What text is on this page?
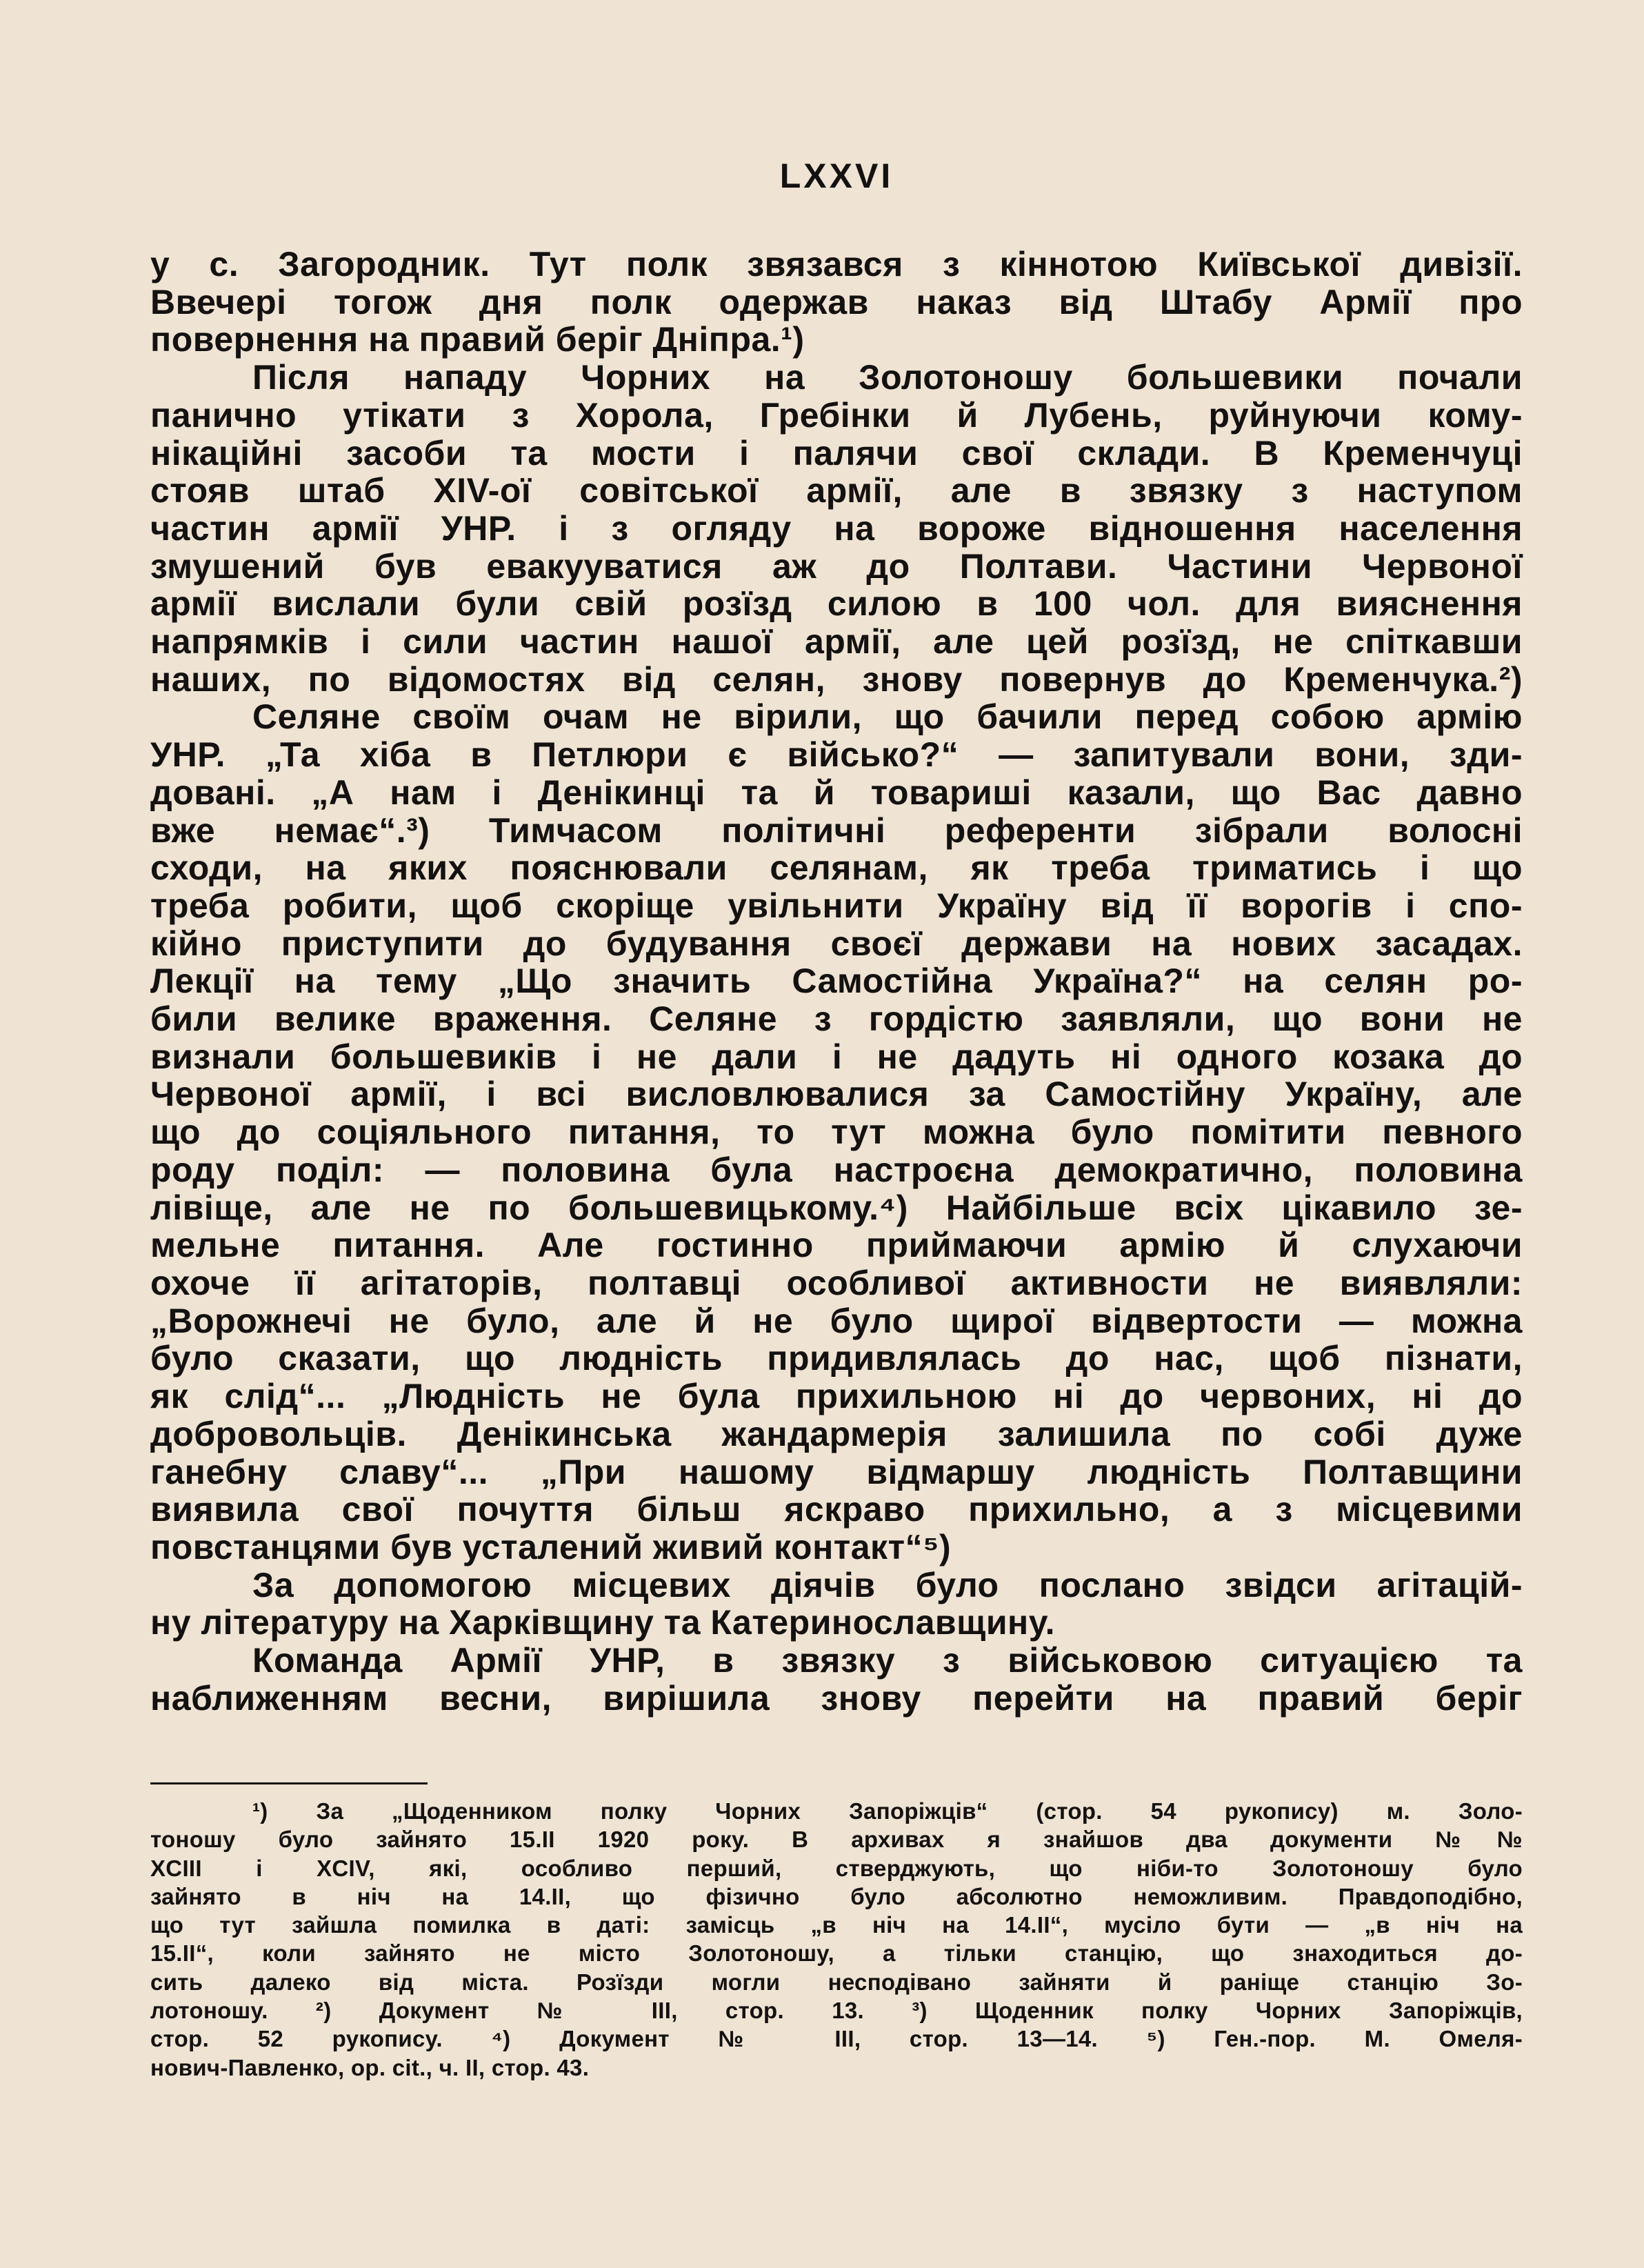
LXXVI

у с. Загородник. Тут полк звязався з кіннотою Київської дивізії.

Ввечері тогож дня полк одержав наказ від Штабу Армії про

повернення на правий беріг Дніпра.¹)

Після нападу Чорних на Золотоношу большевики почали

панично утікати з Хорола, Гребінки й Лубень, руйнуючи кому-

нікаційні засоби та мости і палячи свої склади. В Кременчуці

стояв штаб XIV-ої совітської армії, але в звязку з наступом

частин армії УНР. і з огляду на вороже відношення населення

змушений був евакууватися аж до Полтави. Частини Червоної

армії вислали були свій розїзд силою в 100 чол. для вияснення

напрямків і сили частин нашої армії, але цей розїзд, не спіткавши

наших, по відомостях від селян, знову повернув до Кременчука.²)

Селяне своїм очам не вірили, що бачили перед собою армію

УНР. „Та хіба в Петлюри є військо?“ — запитували вони, зди-

довані. „А нам і Денікинці та й товариші казали, що Вас давно

вже немає“.³) Тимчасом політичні референти зібрали волосні

сходи, на яких пояснювали селянам, як треба триматись і що

треба робити, щоб скоріще увільнити Україну від її ворогів і спо-

кійно приступити до будування своєї держави на нових засадах.

Лекції на тему „Що значить Самостійна Україна?“ на селян ро-

били велике враження. Селяне з гордістю заявляли, що вони не

визнали большевиків і не дали і не дадуть ні одного козака до

Червоної армії, і всі висловлювалися за Самостійну Україну, але

що до соціяльного питання, то тут можна було помітити певного

роду поділ: — половина була настроєна демократично, половина

лівіще, але не по большевицькому.⁴) Найбільше всіх цікавило зе-

мельне питання. Але гостинно приймаючи армію й слухаючи

охоче її агітаторів, полтавці особливої активности не виявляли:

„Ворожнечі не було, але й не було щирої відвертости — можна

було сказати, що людність придивлялась до нас, щоб пізнати,

як слід“... „Людність не була прихильною ні до червоних, ні до

добровольців. Денікинська жандармерія залишила по собі дуже

ганебну славу“... „При нашому відмаршу людність Полтавщини

виявила свої почуття більш яскраво прихильно, а з місцевими

повстанцями був усталений живий контакт“⁵)

За допомогою місцевих діячів було послано звідси агітацій-

ну літературу на Харківщину та Катеринославщину.

Команда Армії УНР, в звязку з військовою ситуацією та

наближенням весни, вирішила знову перейти на правий беріг

¹) За „Щоденником полку Чорних Запоріжців“ (стор. 54 рукопису) м. Золо-

тоношу було зайнято 15.II 1920 року. В архивах я знайшов два документи №№

XCIII і XCIV, які, особливо перший, стверджують, що ніби-то Золотоношу було

зайнято в ніч на 14.II, що фізично було абсолютно неможливим. Правдоподібно,

що тут зайшла помилка в даті: замісць „в ніч на 14.II“, мусіло бути — „в ніч на

15.II“, коли зайнято не місто Золотоношу, а тільки станцію, що знаходиться до-

сить далеко від міста. Розїзди могли несподівано зайняти й раніще станцію Зо-

лотоношу. ²) Документ № III, стор. 13. ³) Щоденник полку Чорних Запоріжців,

стор. 52 рукопису. ⁴) Документ № III, стор. 13—14. ⁵) Ген.-пор. М. Омеля-

нович-Павленко, op. cit., ч. II, стор. 43.
